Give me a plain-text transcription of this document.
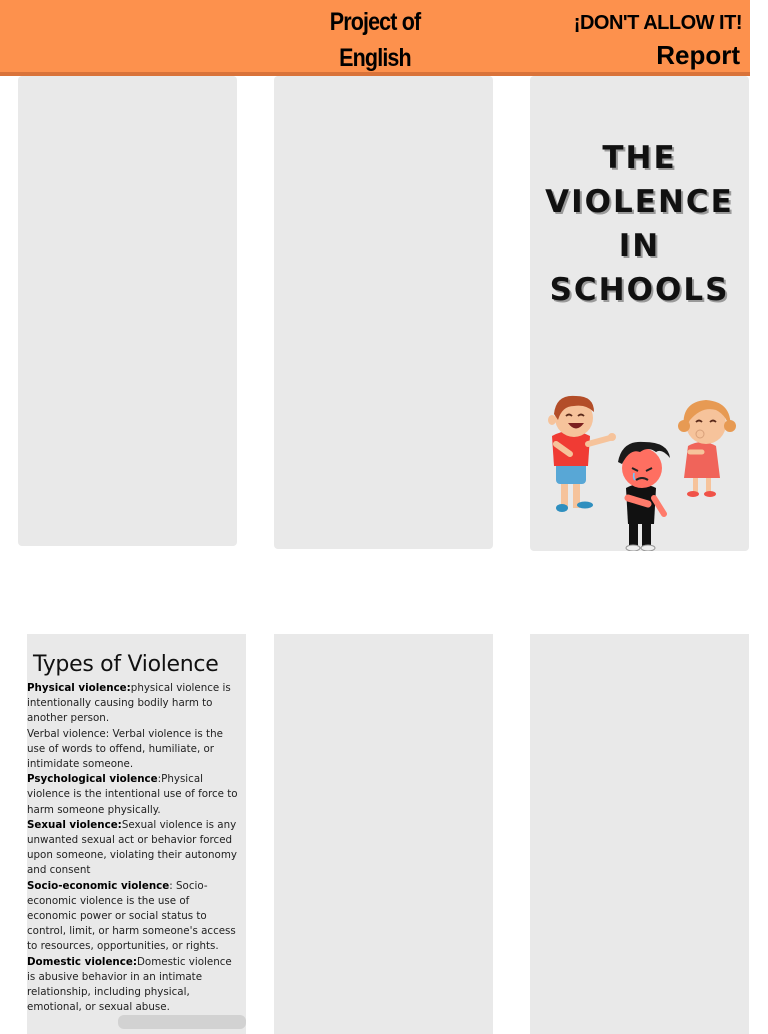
Project of
English
¡DON'T ALLOW IT!
Report
THE
VIOLENCE
IN
SCHOOLS
Types of Violence

Physical violence:physical violence is intentionally causing bodily harm to another person.

Verbal violence: Verbal violence is the use of words to offend, humiliate, or intimidate someone.

Psychological violence:Physical violence is the intentional use of force to harm someone physically.

Sexual violence:Sexual violence is any unwanted sexual act or behavior forced upon someone, violating their autonomy and consent

Socio-economic violence: Socio-economic violence is the use of economic power or social status to control, limit, or harm someone's access to resources, opportunities, or rights.

Domestic violence:Domestic violence is abusive behavior in an intimate relationship, including physical, emotional, or sexual abuse.
